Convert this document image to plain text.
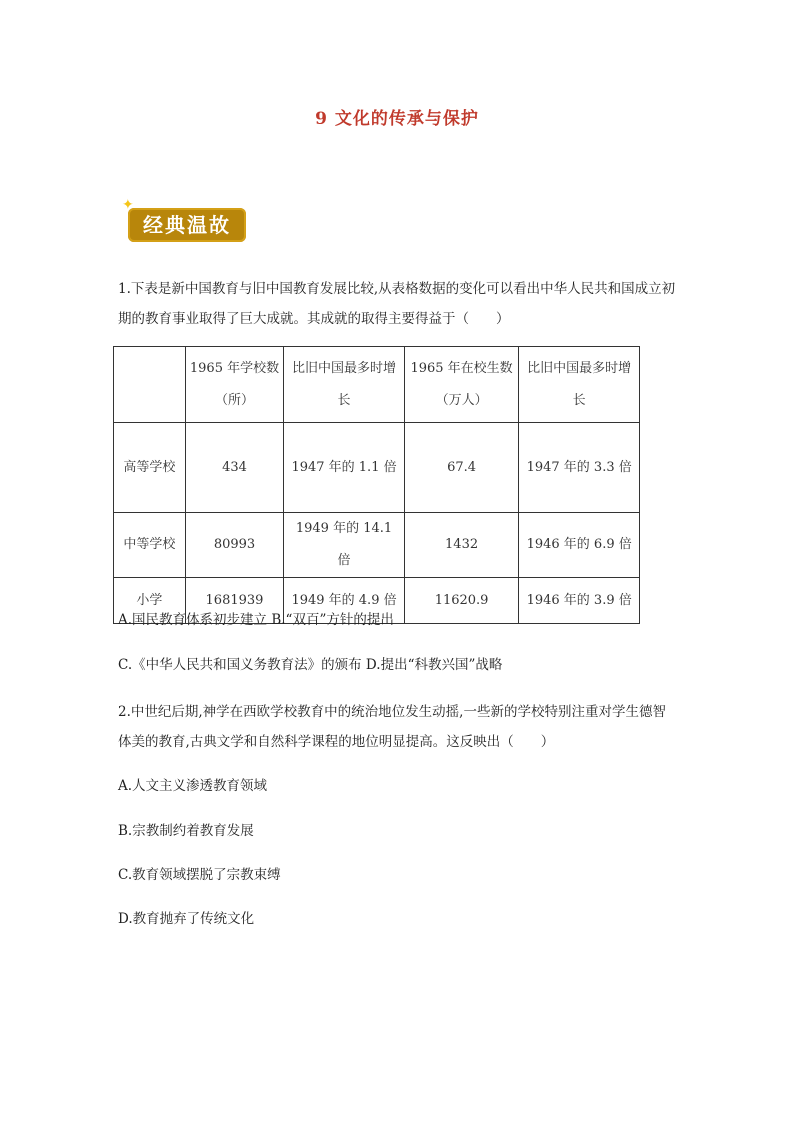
9 文化的传承与保护
✦
经典温故
1.下表是新中国教育与旧中国教育发展比较,从表格数据的变化可以看出中华人民共和国成立初期的教育事业取得了巨大成就。其成就的取得主要得益于（　　）
	1965 年学校数（所）	比旧中国最多时增长	1965 年在校生数（万人）	比旧中国最多时增长
高等学校	434	1947 年的 1.1 倍	67.4	1947 年的 3.3 倍
中等学校	80993	1949 年的 14.1 倍	1432	1946 年的 6.9 倍
小学	1681939	1949 年的 4.9 倍	11620.9	1946 年的 3.9 倍
A.国民教育体系初步建立 B.“双百”方针的提出
C.《中华人民共和国义务教育法》的颁布 D.提出“科教兴国”战略
2.中世纪后期,神学在西欧学校教育中的统治地位发生动摇,一些新的学校特别注重对学生德智体美的教育,古典文学和自然科学课程的地位明显提高。这反映出（　　）
A.人文主义渗透教育领域
B.宗教制约着教育发展
C.教育领域摆脱了宗教束缚
D.教育抛弃了传统文化
